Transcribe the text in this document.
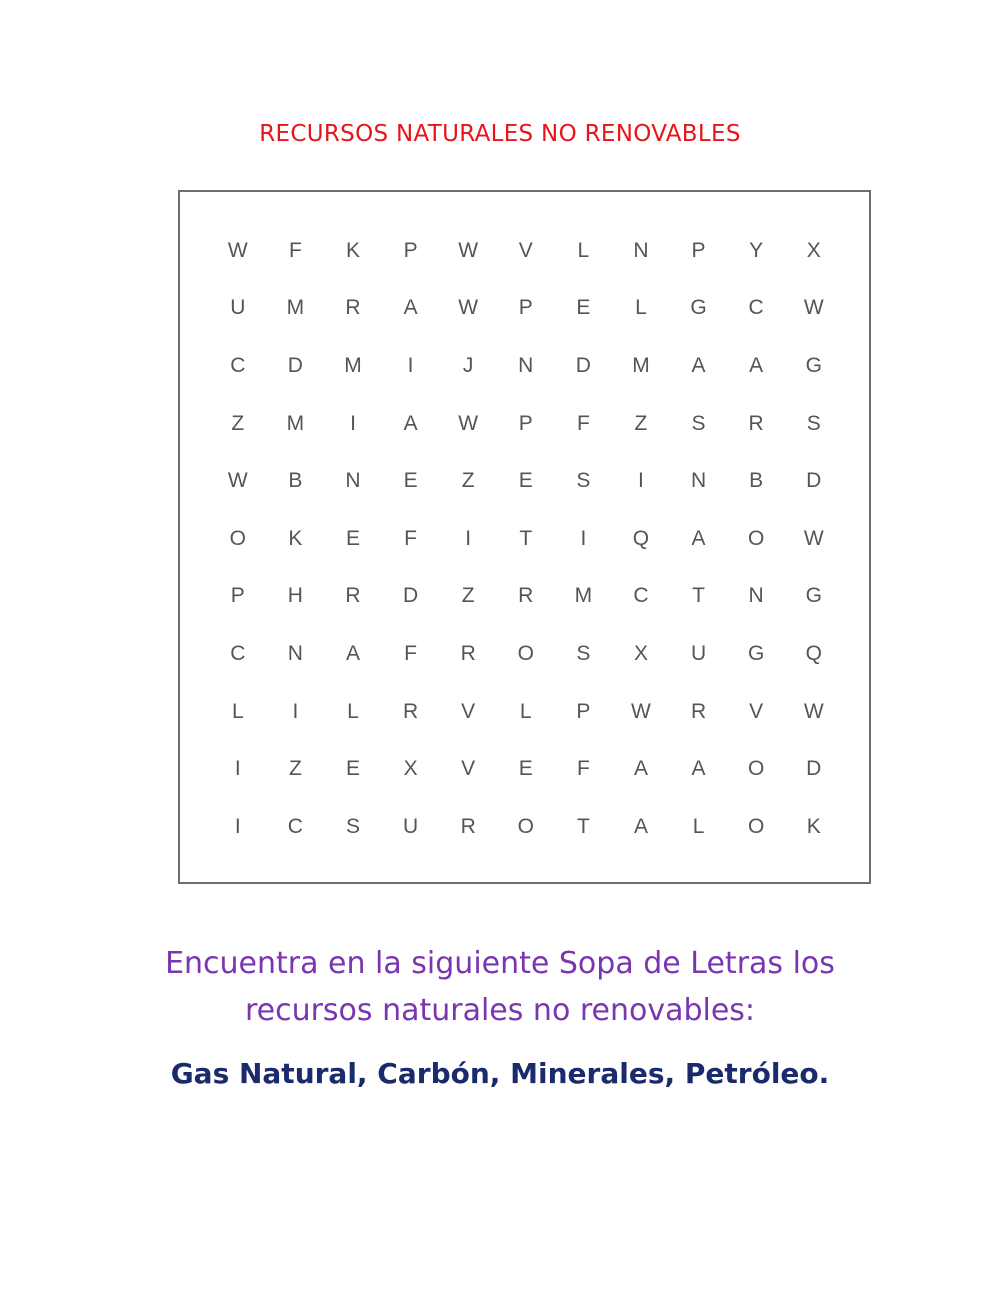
RECURSOS NATURALES NO RENOVABLES
W	F	K	P	W	V	L	N	P	Y	X
U	M	R	A	W	P	E	L	G	C	W
C	D	M	I	J	N	D	M	A	A	G
Z	M	I	A	W	P	F	Z	S	R	S
W	B	N	E	Z	E	S	I	N	B	D
O	K	E	F	I	T	I	Q	A	O	W
P	H	R	D	Z	R	M	C	T	N	G
C	N	A	F	R	O	S	X	U	G	Q
L	I	L	R	V	L	P	W	R	V	W
I	Z	E	X	V	E	F	A	A	O	D
I	C	S	U	R	O	T	A	L	O	K
Encuentra en la siguiente Sopa de Letras los
recursos naturales no renovables:
Gas Natural, Carbón, Minerales, Petróleo.
